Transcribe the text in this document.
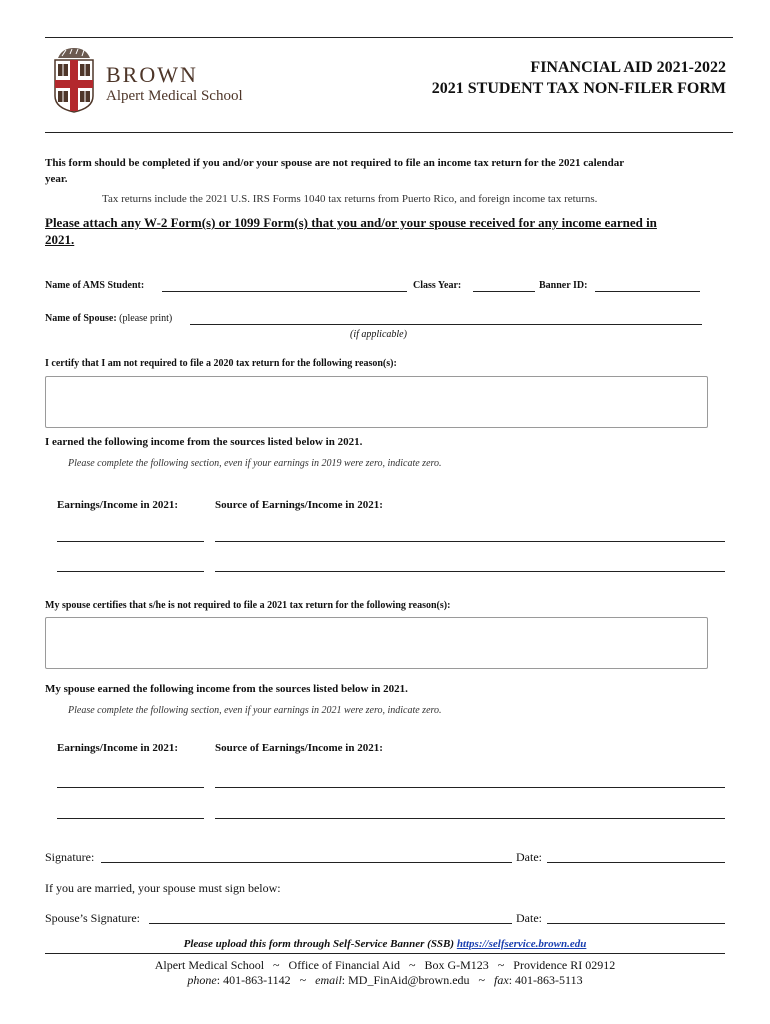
BROWN
Alpert Medical School
FINANCIAL AID 2021-2022
2021 STUDENT TAX NON-FILER FORM
This form should be completed if you and/or your spouse are not required to file an income tax return for the 2021 calendar
year.
Tax returns include the 2021 U.S. IRS Forms 1040 tax returns from Puerto Rico, and foreign income tax returns.
Please attach any W-2 Form(s) or 1099 Form(s) that you and/or your spouse received for any income earned in
2021.
Name of AMS Student:	Class Year:	Banner ID:
Name of Spouse: (please print)
(if applicable)
I certify that I am not required to file a 2020 tax return for the following reason(s):
I earned the following income from the sources listed below in 2021.
Please complete the following section, even if your earnings in 2019 were zero, indicate zero.
Earnings/Income in 2021:	Source of Earnings/Income in 2021:
My spouse certifies that s/he is not required to file a 2021 tax return for the following reason(s):
My spouse earned the following income from the sources listed below in 2021.
Please complete the following section, even if your earnings in 2021 were zero, indicate zero.
Earnings/Income in 2021:	Source of Earnings/Income in 2021:
Signature:	Date:
If you are married, your spouse must sign below:
Spouse’s Signature:	Date:
Please upload this form through Self-Service Banner (SSB) https://selfservice.brown.edu
Alpert Medical School   ~   Office of Financial Aid   ~   Box G-M123   ~   Providence RI 02912
phone: 401-863-1142   ~   email: MD_FinAid@brown.edu   ~   fax: 401-863-5113
